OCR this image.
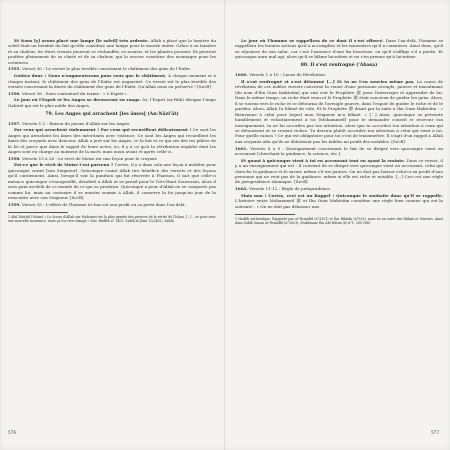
Et Nous [y] avons placé une lampe [le soleil] très ardente. Allah a placé que la lumière du soleil était un bienfait du fait qu'elle constitue une lampe pour le monde entier. Grâce à sa lumière et sa chaleur, les êtres vivants peuvent se réchauffer, se nourrir, et les plantes pousser. Ils peuvent profiter pleinement de sa clarté et de sa chaleur, qui la encore constitue des avantages pour les créatures.

1595. Verset 30 : Le verset le plus terrible concernant le châtiment des gens de l'Enfer.

Goûtez donc ! Nous n'augmenterons pour vous que le châtiment. À chaque moment et à chaque instant, le châtiment des gens de l'Enfer est augmenté. Ce verset est le plus terrible des versets concernant la durée du châtiment des gens de l'Enfer. Qu'Allah nous en préserve ! [Sa'dî]

1596. Verset 38 : Sens contextuel du terme : « L'Esprit »

Le jour où l'Esprit et les Anges se dresseront en rangs. Ici, l'Esprit (ar-Rûh) désigne l'Ange Gabriel qui est le plus noble des Anges.

79. Les Anges qui arrachent [les âmes] (An-Nâzi'ât)

1597. Versets 1-2 : Raison du jurons d'Allah sur les Anges.

Par ceux qui arrachent violemment ! Par ceux qui recueillent délicatement ! Ce sont les Anges qui arrachent les âmes des mécréants avec violence. Ce sont les Anges qui recueillent les âmes des croyants avec douceur. Allah a juré sur les Anges, ce la fait et ce qui ses dès tes piliers de la foi et parce que dans le rappel de leurs actes, ici, il y a ce qu'à la rétribution englobe dont les Anges sont en charge au moment de la mort, mais aussi avant et après celle-ci.

1598. Versets 15 à 26 : Le récit de Moïse est une leçon pour le croyant.

Est-ce que le récit de Moïse t'est parvenu ? Certes, il y a dans cela une leçon à méditer pour quiconque craint [son Seigneur]. Quiconque craint Allah tire bénéfice des versets et des leçons qu'Il contiennent. Ainsi, lorsqu'il voit la punition qui fut réservée à Pharaon, il sait que celle-ci menace quiconque s'enorgueillit, désobéit à Allah et se prend pour le Très-Haut Souverain, alors il sera puni au-delà de ce monde de ce qui se produira. Quiconque a peur d'Allah ne se comporte pas comme lui, mais au contraire il se montre soumis à Allah, il conserve la foi jusqu'au jour de la rencontre avec son Seigneur. [Sa'dî]

1599. Verset 35 : L'effort de l'homme ici-bas est son profit ou sa perte dans l'au-delà.

1 Abû Dâwûd ('Islam) « Le Sceau d'Allah sur Mahomet est la plus grande des preuves de la vérité de l'Islam. [...] ...se pose avec une nouvelle assurance, mais ça n'a rien changé.» Voir, Hadîth n° 1401, Sahîh al-Jâmi' (1/2455), Sahîh.

Le jour où l'homme se rappellera de ce dont il s'est efforcé. Dans l'au-delà, l'homme se rappellera les bonnes actions qu'il a accomplies et les mauvaises qu'il a commises. Ainsi donc, qu'il se réjouisse de son salut, car c'est l'annonce d'une fin heureuse, ou qu'il s'afflige s'il a perdu. Et quiconque aura mal agi, alors qu'il se blâme lui-même et ne s'en prenne qu'à lui-même.

80. Il s'est renfrogné ('Abasa)

1600. Versets 1 à 10 : Cause de Révélation.

Il s'est renfrogné et s'est détourné [...] Et tu ne t'en soucies même pas. La cause de révélation de ces nobles versets concerne la venue d'une personne aveugle, pauvre et musulmane (du nom d'Ibn Oum Maktoûm) qui vint voir le Prophète ﷺ pour l'interroger et apprendre de lui. Dans le même temps, un riche était venu et le Prophète ﷺ était soucieux de guider les gens. Alors, il se tourna vers le riche et se détourna de l'aveugle pauvre, dans l'espoir de guider le riche et de le purifier. Alors, Allah l'a blâmé de cela. Et le Prophète ﷺ disait par la suite à Ibn Oum Maktoûm : « Bienvenue à celui pour lequel mon Seigneur m'a blâmé. » [...] Ainsi, quiconque se présente humblement et volontairement à toi [Mohammed] pour te demander conseil et recevoir ton enseignement, tu ne lui accordes pas ton attention, alors que tu accordes ton attention à ceux qui se détournent et se croient riches. Tu devrais plutôt accorder ton attention à celui qui vient à toi. Pour quelle raison ? Ce qui est obligatoire pour toi c'est de transmettre. Il s'agit d'un rappel à Allah aux croyants afin qu'ils ne délaissent pas les faibles au profit des notables. [Sa'dî]

1601. Versets 8 à 9 : Enseignement concernant le fait de se diriger vers quiconque vient en accourant [cherchant la guidance, la science, etc.].

Et quant à quiconque vient à toi en accourant tout en ayant la crainte. Dans ce verset, il y a un enseignement qui est : Il convient de se diriger vers quiconque vient en accourant, celui qui cherche la guidance et le savoir, même s'il est pauvre. On ne doit pas laisser celui-ci au profit d'une personne qui ne veut pas de la guidance, même si elle est riche et notable. [...] Ceci est une règle de jurisprudence islamique. [Sa'dî]

1602. Versets 11-12 : Règle de jurisprudence.

Mais non ! Certes, ceci est un Rappel ! Quiconque le souhaite donc qu'il se rappelle. L'histoire entre Mohammed ﷺ et Ibn Oum Maktoûm constitue une règle bien connue qui est la suivante : « On ne doit pas délaisser une

1 Hadîth authentique. Rapporté par at-Tirmidhî (n°3331) et Ibn Hibbân (n°535), mais ici en outre des Hâkim et d'autres. Ainsi dans Sahîh Sunan at-Tirmidhî (n°2651), Mukhtasar Ibn Abî Hâtim (6/ n°1, 285-286).

576	577
